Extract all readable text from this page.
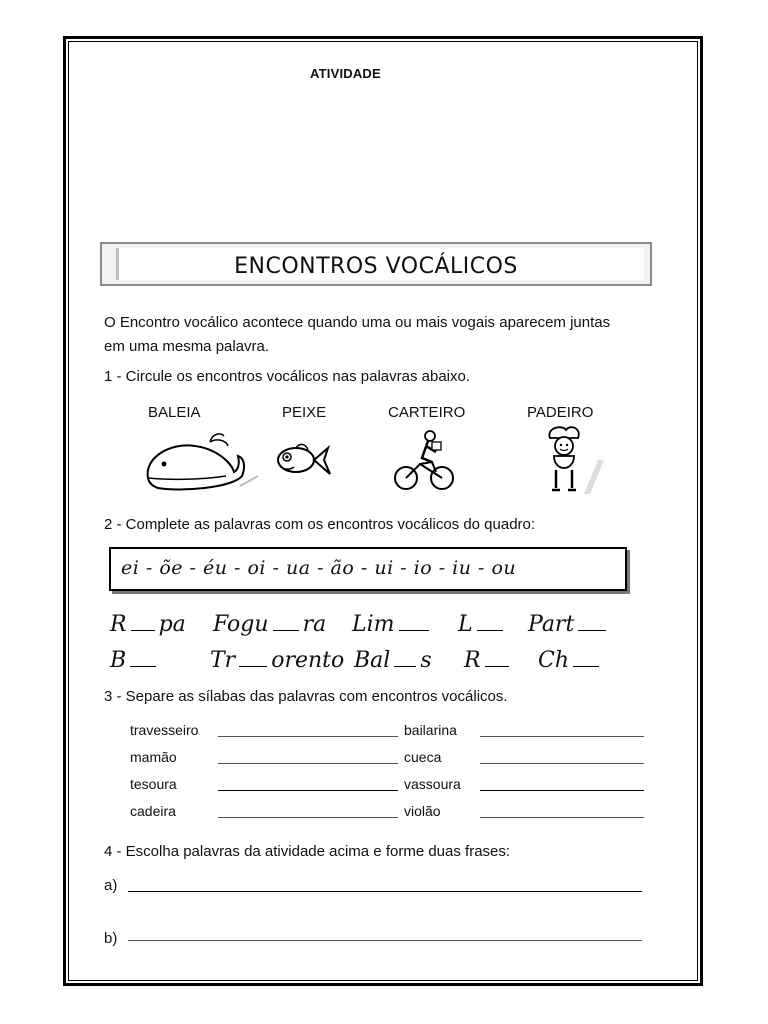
ATIVIDADE
ENCONTROS VOCÁLICOS
O Encontro vocálico acontece quando uma ou mais vogais aparecem juntas
em uma mesma palavra.
1 - Circule os encontros vocálicos nas palavras abaixo.
BALEIA	PEIXE	CARTEIRO	PADEIRO
2 - Complete as palavras com os encontros vocálicos do quadro:
ei - õe - éu - oi - ua - ão - ui - io - iu - ou
R pa Fogu ra Lim	L	Part
B	Tr orento Bal s R	Ch
3 - Separe as sílabas das palavras com encontros vocálicos.
travesseiro
mamão
tesoura
cadeira
bailarina
cueca
vassoura
violão
4 - Escolha palavras da atividade acima e forme duas frases:
a)
b)
